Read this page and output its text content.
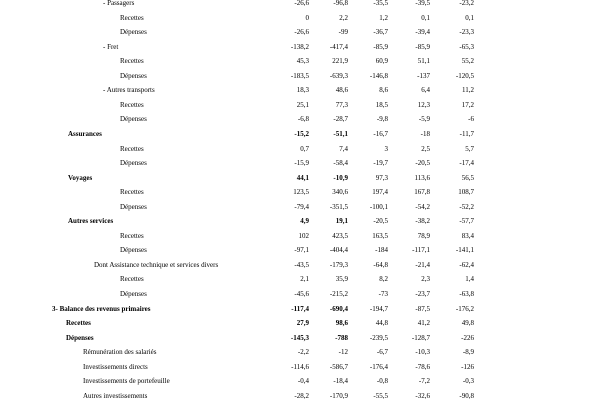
- Passagers	-26,6	-96,8	-35,5	-39,5	-23,2
Recettes	0	2,2	1,2	0,1	0,1
Dépenses	-26,6	-99	-36,7	-39,4	-23,3
- Fret	-138,2	-417,4	-85,9	-85,9	-65,3
Recettes	45,3	221,9	60,9	51,1	55,2
Dépenses	-183,5	-639,3	-146,8	-137	-120,5
- Autres transports	18,3	48,6	8,6	6,4	11,2
Recettes	25,1	77,3	18,5	12,3	17,2
Dépenses	-6,8	-28,7	-9,8	-5,9	-6
Assurances	-15,2	-51,1	-16,7	-18	-11,7
Recettes	0,7	7,4	3	2,5	5,7
Dépenses	-15,9	-58,4	-19,7	-20,5	-17,4
Voyages	44,1	-10,9	97,3	113,6	56,5
Recettes	123,5	340,6	197,4	167,8	108,7
Dépenses	-79,4	-351,5	-100,1	-54,2	-52,2
Autres services	4,9	19,1	-20,5	-38,2	-57,7
Recettes	102	423,5	163,5	78,9	83,4
Dépenses	-97,1	-404,4	-184	-117,1	-141,1
Dont Assistance technique et services divers	-43,5	-179,3	-64,8	-21,4	-62,4
Recettes	2,1	35,9	8,2	2,3	1,4
Dépenses	-45,6	-215,2	-73	-23,7	-63,8
3- Balance des revenus primaires	-117,4	-690,4	-194,7	-87,5	-176,2
Recettes	27,9	98,6	44,8	41,2	49,8
Dépenses	-145,3	-788	-239,5	-128,7	-226
Rémunération des salariés	-2,2	-12	-6,7	-10,3	-8,9
Investissements directs	-114,6	-586,7	-176,4	-78,6	-126
Investissements de portefeuille	-0,4	-18,4	-0,8	-7,2	-0,3
Autres investissements	-28,2	-170,9	-55,5	-32,6	-90,8
